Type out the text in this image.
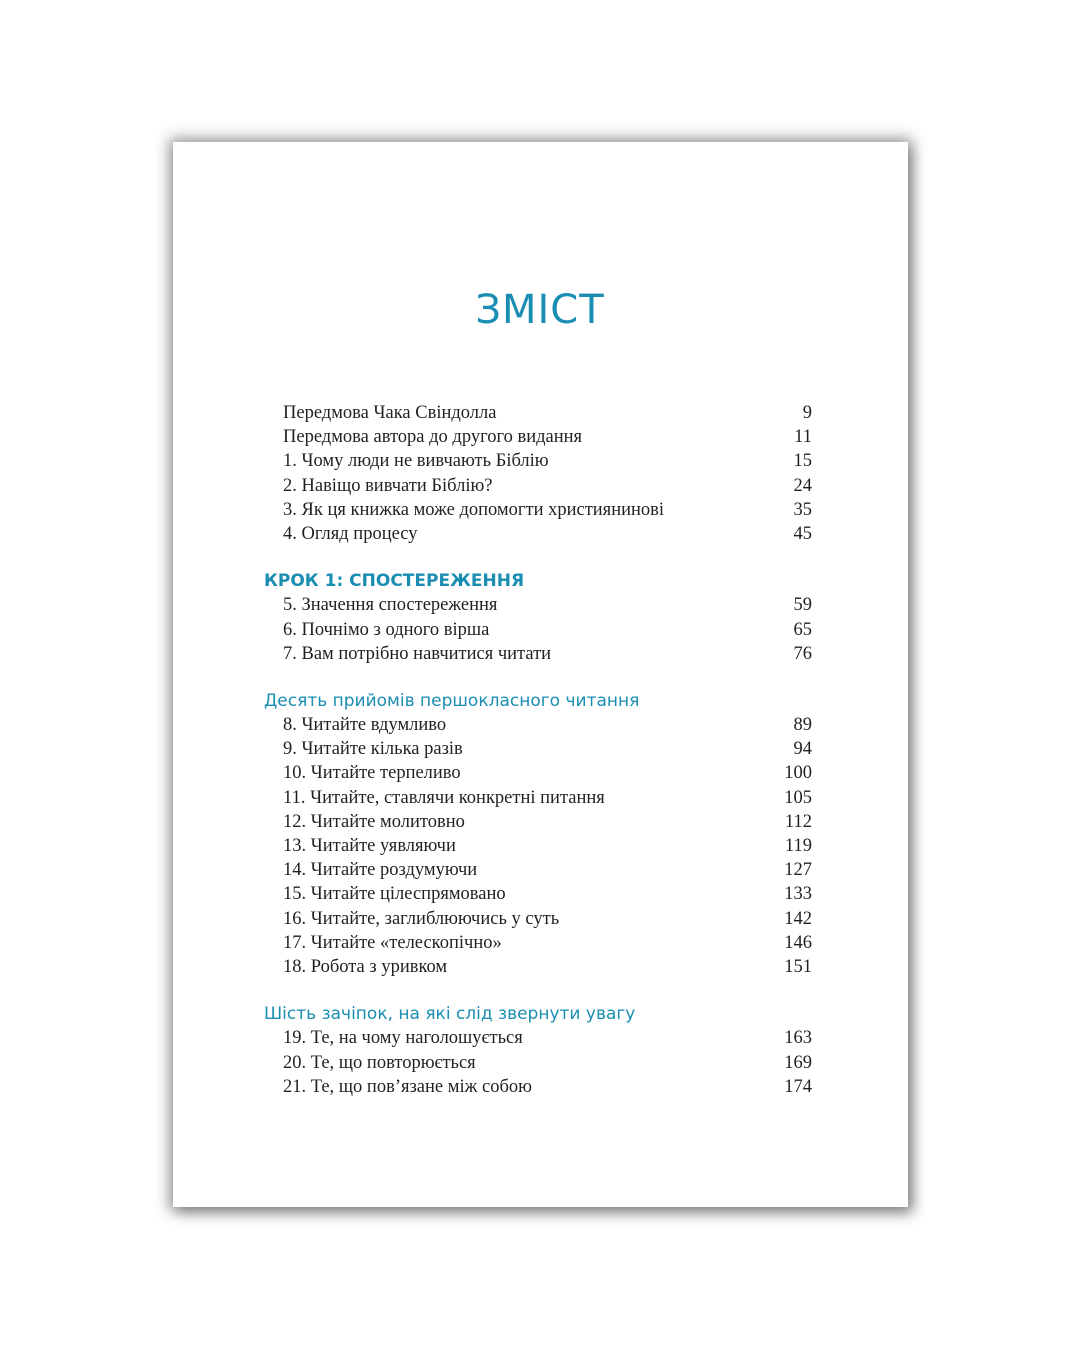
ЗМІСТ
Передмова Чака Свіндолла	9
Передмова автора до другого видання	11
1. Чому люди не вивчають Біблію	15
2. Навіщо вивчати Біблію?	24
3. Як ця книжка може допомогти християнинові	35
4. Огляд процесу	45
КРОК 1: СПОСТЕРЕЖЕННЯ
5. Значення спостереження	59
6. Почнімо з одного вірша	65
7. Вам потрібно навчитися читати	76
Десять прийомів першокласного читання
8. Читайте вдумливо	89
9. Читайте кілька разів	94
10. Читайте терпеливо	100
11. Читайте, ставлячи конкретні питання	105
12. Читайте молитовно	112
13. Читайте уявляючи	119
14. Читайте роздумуючи	127
15. Читайте цілеспрямовано	133
16. Читайте, заглиблюючись у суть	142
17. Читайте «телескопічно»	146
18. Робота з уривком	151
Шість зачіпок, на які слід звернути увагу
19. Те, на чому наголошується	163
20. Те, що повторюється	169
21. Те, що пов’язане між собою	174
